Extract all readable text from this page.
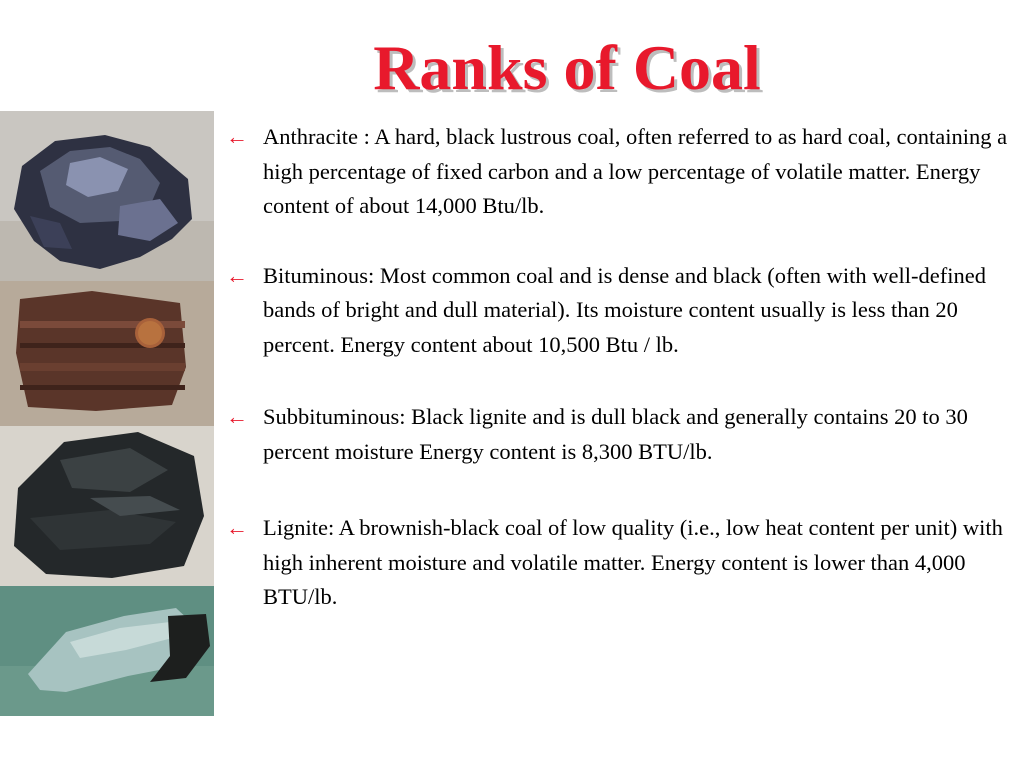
Ranks of Coal
← Anthracite : A hard, black lustrous coal, often referred to as hard coal, containing a high percentage of fixed carbon and a low percentage of volatile matter. Energy content of about 14,000 Btu/lb.
← Bituminous: Most common coal and is dense and black (often with well-defined bands of bright and dull material). Its moisture content usually is less than 20 percent. Energy content about 10,500 Btu / lb.
← Subbituminous: Black lignite and is dull black and generally contains 20 to 30 percent moisture Energy content is 8,300 BTU/lb.
← Lignite: A brownish-black coal of low quality (i.e., low heat content per unit) with high inherent moisture and volatile matter. Energy content is lower than 4,000 BTU/lb.
